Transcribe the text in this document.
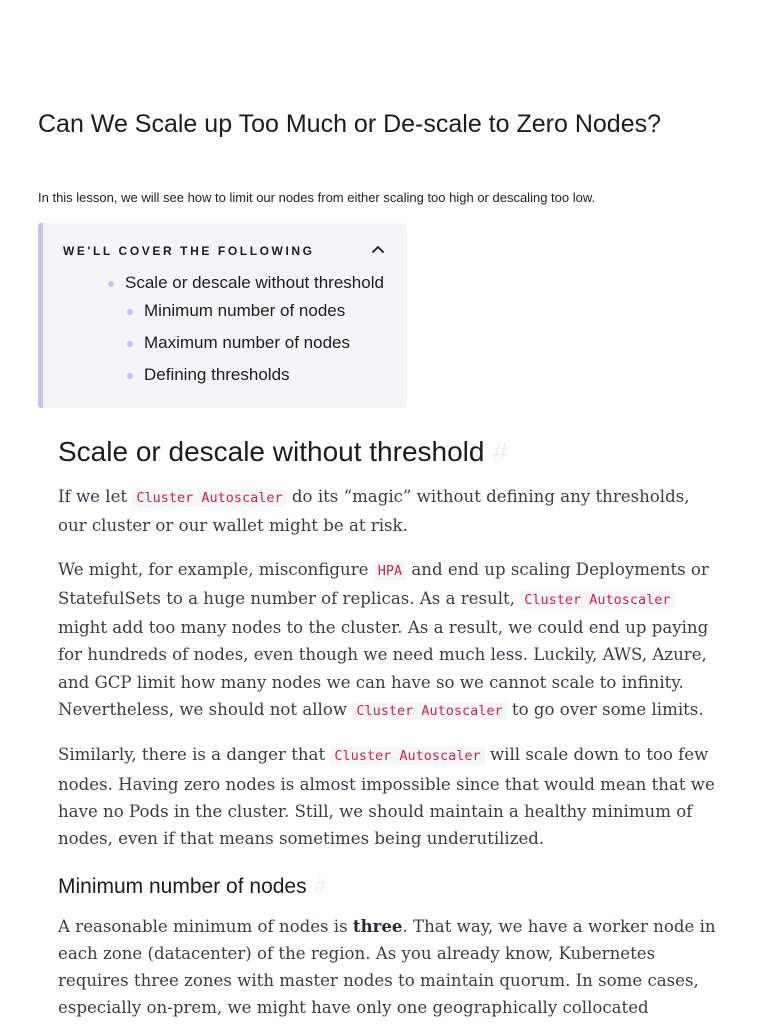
Can We Scale up Too Much or De-scale to Zero Nodes?

In this lesson, we will see how to limit our nodes from either scaling too high or descaling too low.

WE'LL COVER THE FOLLOWING
Scale or descale without threshold
Minimum number of nodes
Maximum number of nodes
Defining thresholds
Scale or descale without threshold #

If we let Cluster Autoscaler do its “magic” without defining any thresholds, our cluster or our wallet might be at risk.

We might, for example, misconfigure HPA and end up scaling Deployments or StatefulSets to a huge number of replicas. As a result, Cluster Autoscaler might add too many nodes to the cluster. As a result, we could end up paying for hundreds of nodes, even though we need much less. Luckily, AWS, Azure, and GCP limit how many nodes we can have so we cannot scale to infinity. Nevertheless, we should not allow Cluster Autoscaler to go over some limits.

Similarly, there is a danger that Cluster Autoscaler will scale down to too few nodes. Having zero nodes is almost impossible since that would mean that we have no Pods in the cluster. Still, we should maintain a healthy minimum of nodes, even if that means sometimes being underutilized.

Minimum number of nodes #

A reasonable minimum of nodes is three. That way, we have a worker node in each zone (datacenter) of the region. As you already know, Kubernetes requires three zones with master nodes to maintain quorum. In some cases, especially on-prem, we might have only one geographically collocated
